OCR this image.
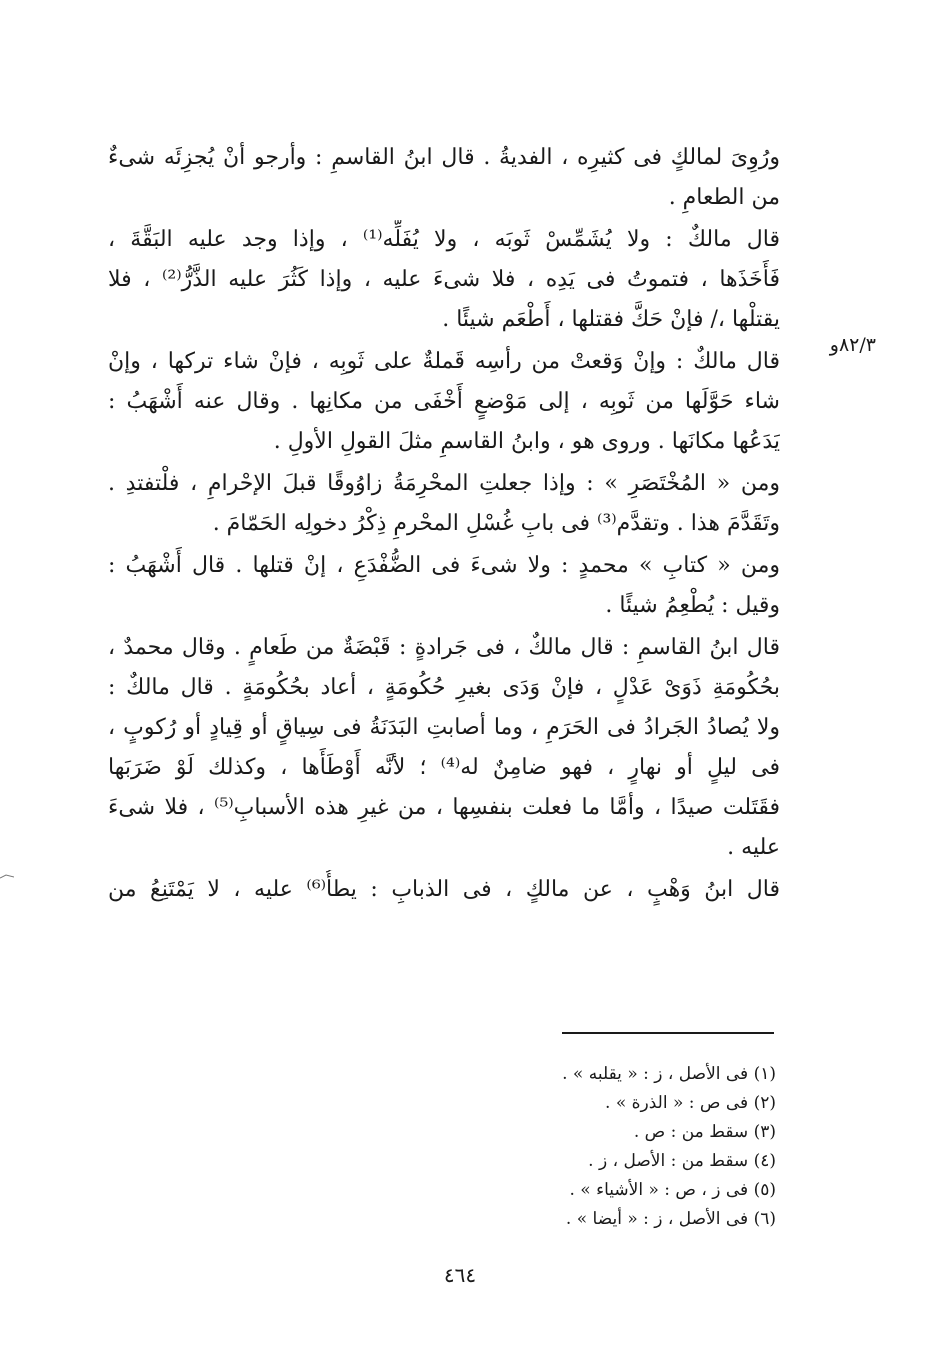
٨٢/٣و
ورُوِىَ لمالكٍ فى كثيرِه ، الفديةُ . قال ابنُ القاسمِ : وأرجو أنْ يُجزِئَه شىءٌ
من الطعامِ .
قال مالكٌ : ولا يُشَمِّسْ ثَوبَه ، ولا يُفَلِّه⁽¹⁾ ، وإذا وجد عليه البَقَّةَ ،
فَأَخَذَها ، فتموتُ فى يَدِه ، فلا شىءَ عليه ، وإذا كَثُرَ عليه الذَّرُّ⁽²⁾ ، فلا
يقتلْها ،/ فإنْ حَكَّ فقتلها ، أَطْعَم شيئًا .
قال مالكٌ : وإنْ وَقعتْ من رأسِه قَملةٌ على ثَوبِه ، فإنْ شاء تركها ، وإنْ
شاء حَوَّلَها من ثَوبِه ، إلى مَوْضعٍ أَخْفَى من مكانِها . وقال عنه أَشْهَبُ :
يَدَعُها مكانَها . وروى هو ، وابنُ القاسمِ مثلَ القولِ الأولِ .
ومن « المُخْتَصَرِ » : وإذا جعلتِ المحْرِمَةُ زاوُوقًا قبلَ الإحْرامِ ، فلْتفتدِ .
وتَقَدَّمَ هذا . وتقدَّم⁽³⁾ فى بابِ غُسْلِ المحْرمِ ذِكْرُ دخولِه الحَمّامَ .
ومن « كتابِ » محمدٍ : ولا شىءَ فى الضُّفْدَعِ ، إنْ قتلها . قال أَشْهَبُ :
وقيل : يُطْعِمُ شيئًا .
قال ابنُ القاسمِ : قال مالكٌ ، فى جَرادةٍ : قَبْضَةٌ من طَعامٍ . وقال محمدٌ ،
بحُكُومَةِ ذَوَىْ عَدْلٍ ، فإنْ وَدَى بغيرِ حُكُومَةٍ ، أعاد بحُكُومَةٍ . قال مالكٌ :
ولا يُصادُ الجَرادُ فى الحَرَمِ ، وما أصابتِ البَدَنَةُ فى سِياقٍ أو قِيادٍ أو رُكوبٍ ،
فى ليلٍ أو نهارٍ ، فهو ضامِنٌ له⁽⁴⁾ ؛ لأنَّه أَوْطَأَها ، وكذلك لَوْ ضَرَبَها
فقَتَلت صيدًا ، وأمَّا ما فعلت بنفسِها ، من غيرِ هذه الأسبابِ⁽⁵⁾ ، فلا شىءَ
عليه .
قال ابنُ وَهْبٍ ، عن مالكٍ ، فى الذبابِ : يطأُ⁽⁶⁾ عليه ، لا يَمْتَنِعُ من
(١) فى الأصل ، ز : « يقلبه » .
(٢) فى ص : « الذرة » .
(٣) سقط من : ص .
(٤) سقط من : الأصل ، ز .
(٥) فى ز ، ص : « الأشياء » .
(٦) فى الأصل ، ز : « أيضا » .
٤٦٤
